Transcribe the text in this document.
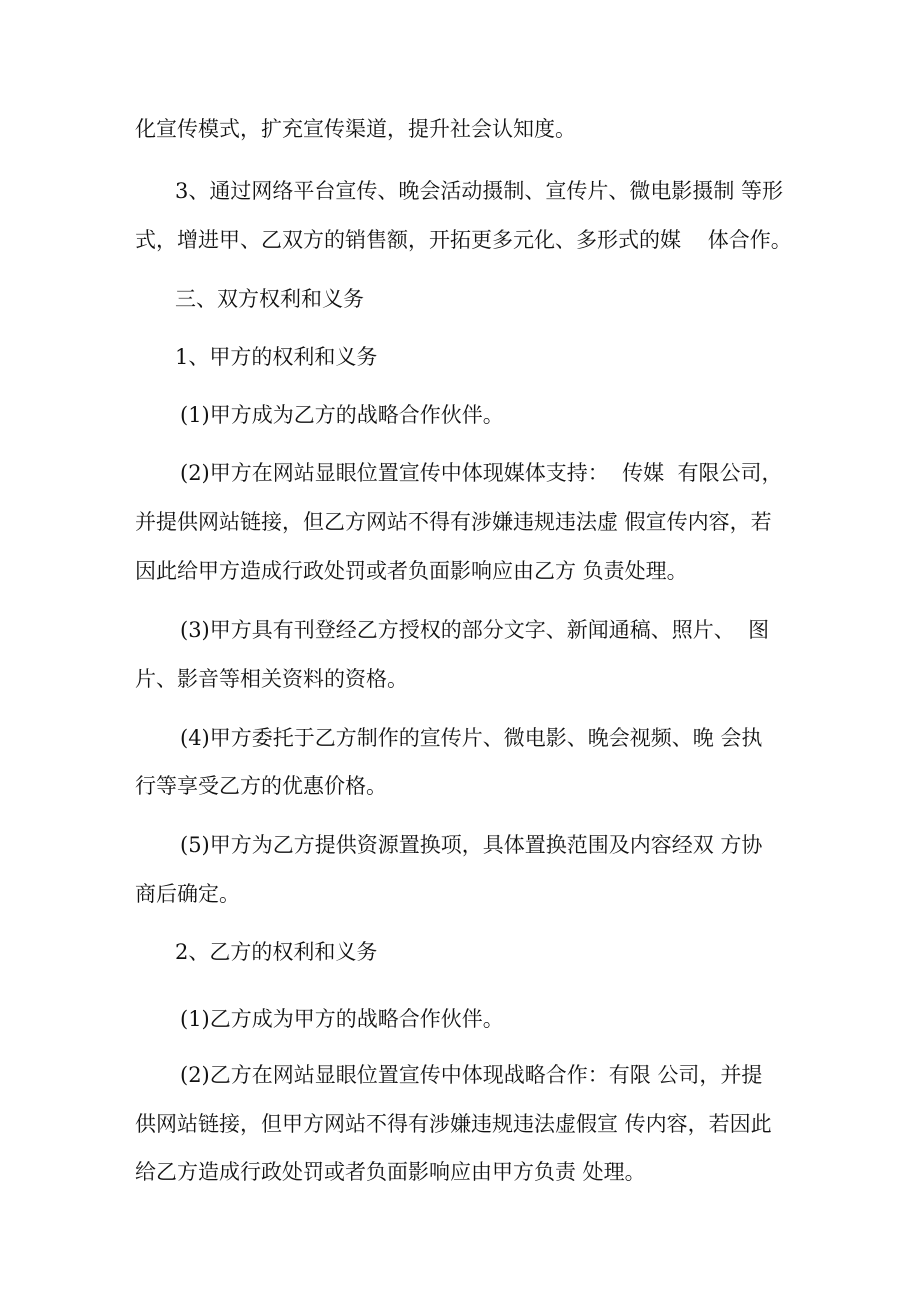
化宣传模式，扩充宣传渠道，提升社会认知度。

3、通过网络平台宣传、晚会活动摄制、宣传片、微电影摄制 等形

式，增进甲、乙双方的销售额，开拓更多元化、多形式的媒    体合作。

三、双方权利和义务

1、甲方的权利和义务

(1)甲方成为乙方的战略合作伙伴。

(2)甲方在网站显眼位置宣传中体现媒体支持：  传媒  有限公司，

并提供网站链接，但乙方网站不得有涉嫌违规违法虚 假宣传内容，若

因此给甲方造成行政处罚或者负面影响应由乙方 负责处理。

(3)甲方具有刊登经乙方授权的部分文字、新闻通稿、照片、  图

片、影音等相关资料的资格。

(4)甲方委托于乙方制作的宣传片、微电影、晚会视频、晚 会执

行等享受乙方的优惠价格。

(5)甲方为乙方提供资源置换项，具体置换范围及内容经双 方协

商后确定。

2、乙方的权利和义务

(1)乙方成为甲方的战略合作伙伴。

(2)乙方在网站显眼位置宣传中体现战略合作：有限 公司，并提

供网站链接，但甲方网站不得有涉嫌违规违法虚假宣 传内容，若因此

给乙方造成行政处罚或者负面影响应由甲方负责 处理。
